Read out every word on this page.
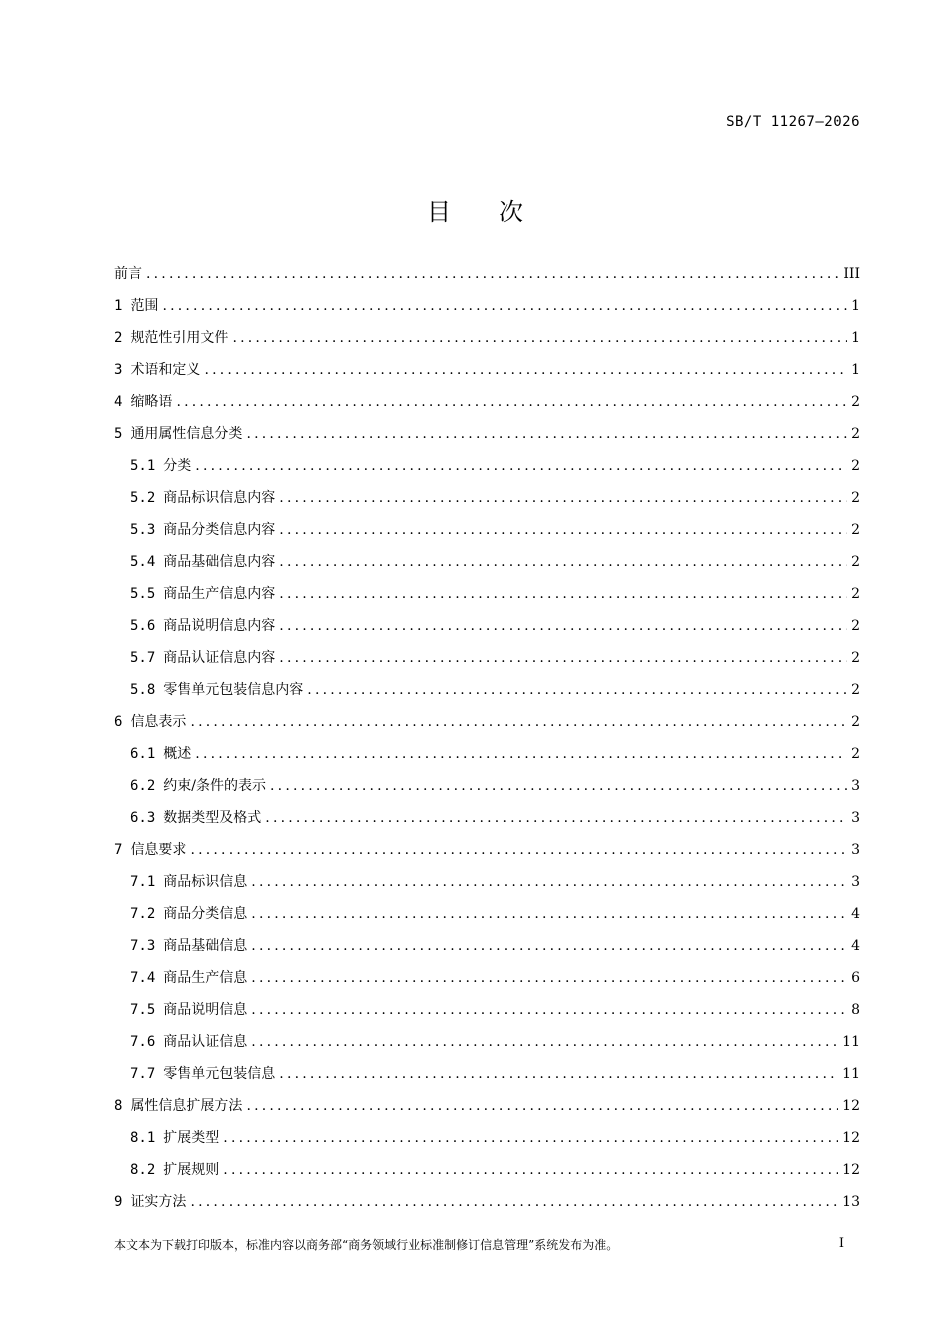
SB/T 11267—2026
目 次
前言 .....	III
1 范围 .....	1
2 规范性引用文件 .....	1
3 术语和定义 .....	1
4 缩略语 .....	2
5 通用属性信息分类 .....	2
5.1 分类 .....	2
5.2 商品标识信息内容 .....	2
5.3 商品分类信息内容 .....	2
5.4 商品基础信息内容 .....	2
5.5 商品生产信息内容 .....	2
5.6 商品说明信息内容 .....	2
5.7 商品认证信息内容 .....	2
5.8 零售单元包装信息内容 .....	2
6 信息表示 .....	2
6.1 概述 .....	2
6.2 约束/条件的表示 .....	3
6.3 数据类型及格式 .....	3
7 信息要求 .....	3
7.1 商品标识信息 .....	3
7.2 商品分类信息 .....	4
7.3 商品基础信息 .....	4
7.4 商品生产信息 .....	6
7.5 商品说明信息 .....	8
7.6 商品认证信息 .....	11
7.7 零售单元包装信息 .....	11
8 属性信息扩展方法 .....	12
8.1 扩展类型 .....	12
8.2 扩展规则 .....	12
9 证实方法 .....	13
本文本为下载打印版本，标准内容以商务部“商务领域行业标准制修订信息管理”系统发布为准。	I
